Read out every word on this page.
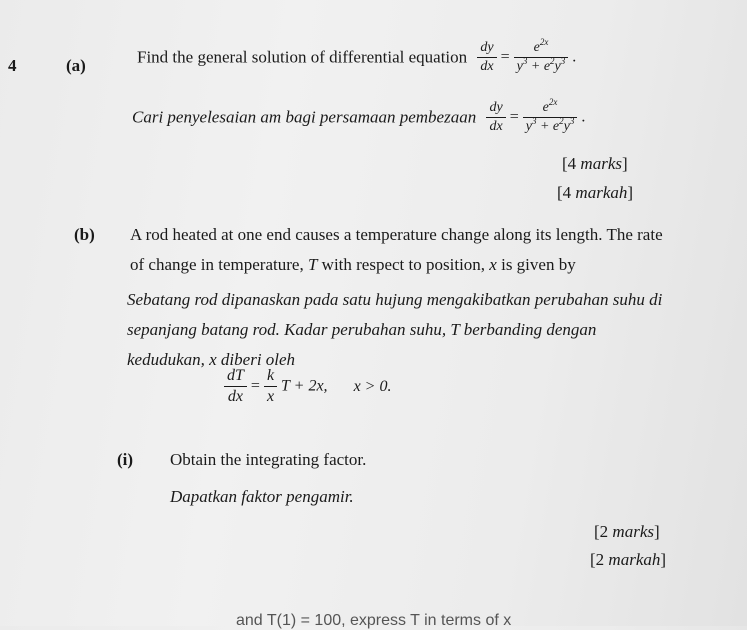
4	(a)	Find the general solution of differential equation $\frac{dy}{dx} = \frac{e^{2x}}{y^3 + e^2y^3}$ .
Cari penyelesaian am bagi persamaan pembezaan $\frac{dy}{dx} = \frac{e^{2x}}{y^3 + e^2y^3}$ .
[4 marks]
[4 markah]
(b) A rod heated at one end causes a temperature change along its length. The rate
of change in temperature, T with respect to position, x is given by
Sebatang rod dipanaskan pada satu hujung mengakibatkan perubahan suhu di
sepanjang batang rod. Kadar perubahan suhu, T berbanding dengan
kedudukan, x diberi oleh
$\frac{dT}{dx} = \frac{k}{x}$ T + 2x, x > 0.
(i) Obtain the integrating factor.
Dapatkan faktor pengamir.
[2 marks]
[2 markah]
and T(1) = 100, express T in terms of x
